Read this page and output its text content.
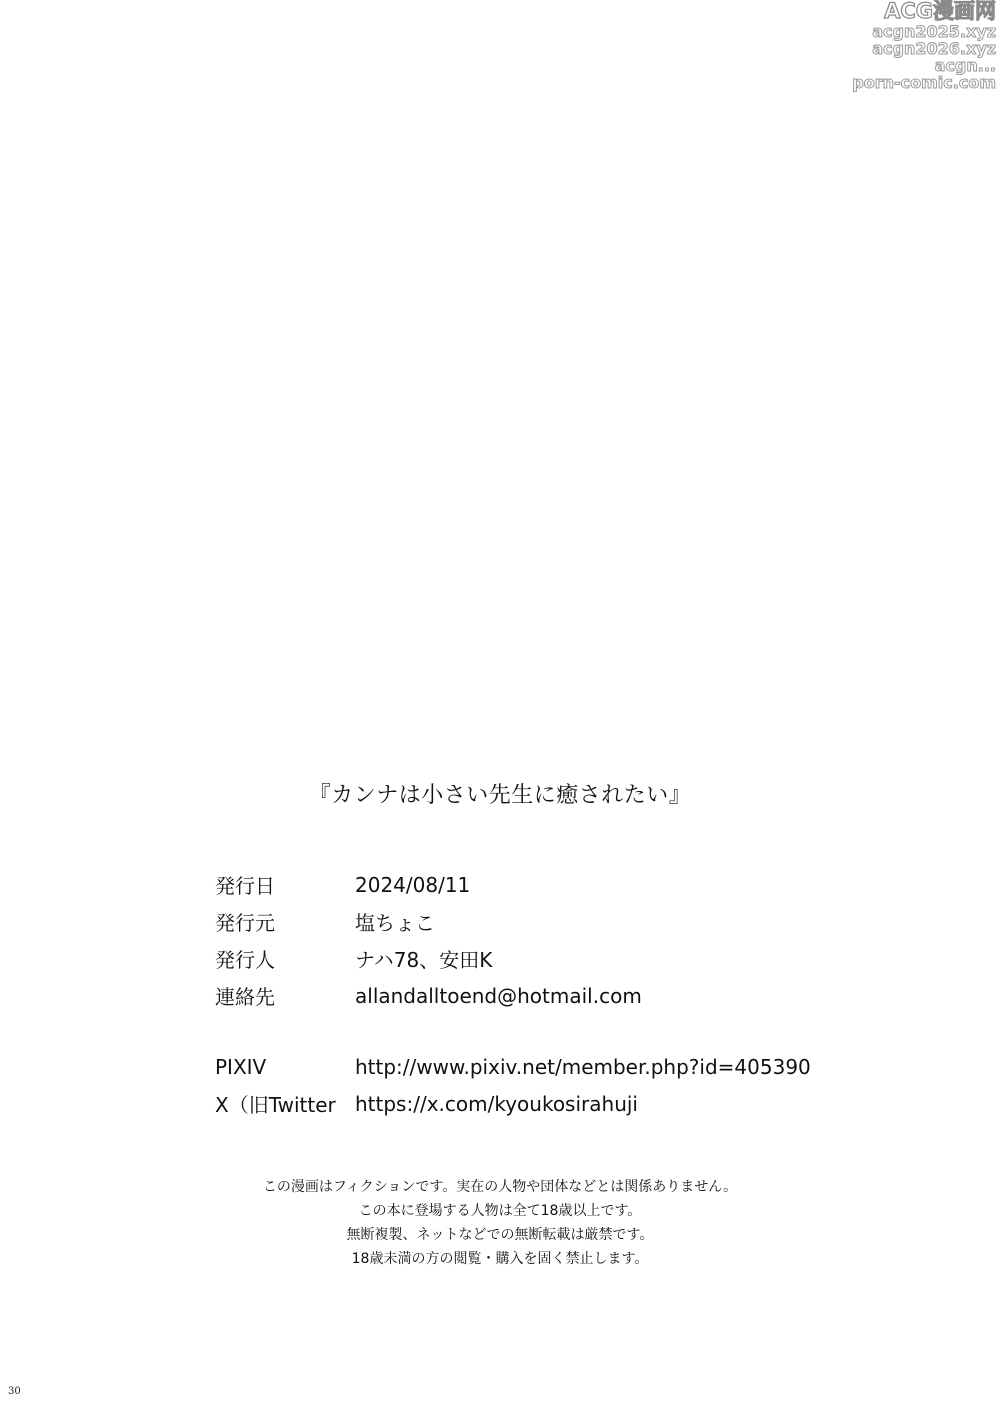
ACG漫画网
acgn2025.xyz
acgn2026.xyz
acgn...
porn-comic.com
『カンナは小さい先生に癒されたい』
発行日	2024/08/11
発行元	塩ちょこ
発行人	ナハ78、安田K
連絡先	allandalltoend@hotmail.com
PIXIV	http://www.pixiv.net/member.php?id=405390
X（旧Twitter https://x.com/kyoukosirahuji
この漫画はフィクションです。実在の人物や団体などとは関係ありません。
この本に登場する人物は全て18歳以上です。
無断複製、ネットなどでの無断転載は厳禁です。
18歳未満の方の閲覧・購入を固く禁止します。
30
